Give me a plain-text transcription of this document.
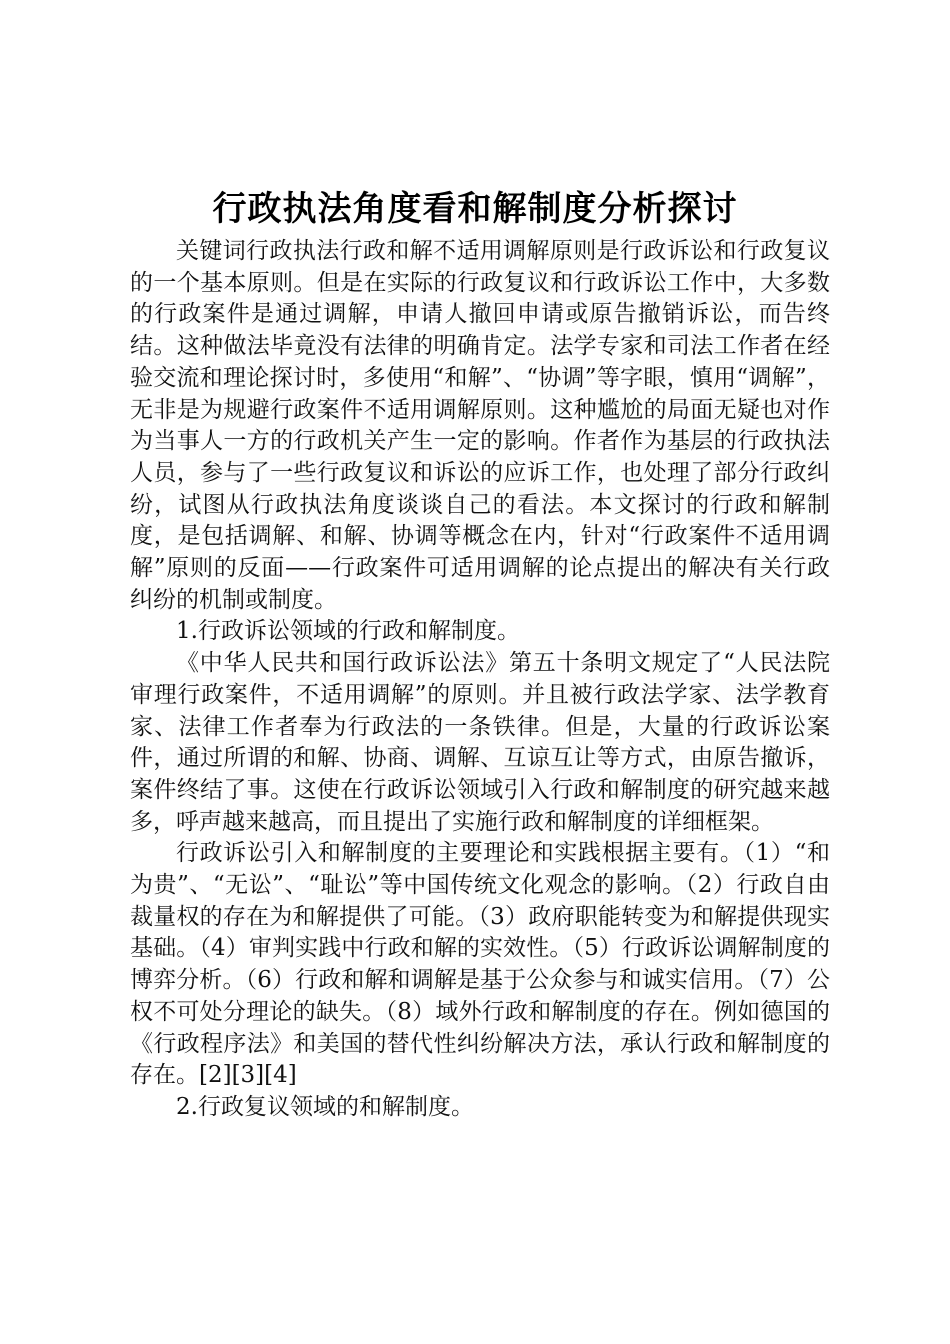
行政执法角度看和解制度分析探讨

关键词行政执法行政和解不适用调解原则是行政诉讼和行政复议的一个基本原则。但是在实际的行政复议和行政诉讼工作中，大多数的行政案件是通过调解，申请人撤回申请或原告撤销诉讼，而告终结。这种做法毕竟没有法律的明确肯定。法学专家和司法工作者在经验交流和理论探讨时，多使用“和解”、“协调”等字眼，慎用“调解”，无非是为规避行政案件不适用调解原则。这种尴尬的局面无疑也对作为当事人一方的行政机关产生一定的影响。作者作为基层的行政执法人员，参与了一些行政复议和诉讼的应诉工作，也处理了部分行政纠纷，试图从行政执法角度谈谈自己的看法。本文探讨的行政和解制度，是包括调解、和解、协调等概念在内，针对“行政案件不适用调解”原则的反面——行政案件可适用调解的论点提出的解决有关行政纠纷的机制或制度。

1.行政诉讼领域的行政和解制度。

《中华人民共和国行政诉讼法》第五十条明文规定了“人民法院审理行政案件，不适用调解”的原则。并且被行政法学家、法学教育家、法律工作者奉为行政法的一条铁律。但是，大量的行政诉讼案件，通过所谓的和解、协商、调解、互谅互让等方式，由原告撤诉，案件终结了事。这使在行政诉讼领域引入行政和解制度的研究越来越多，呼声越来越高，而且提出了实施行政和解制度的详细框架。

行政诉讼引入和解制度的主要理论和实践根据主要有。（1）“和为贵”、“无讼”、“耻讼”等中国传统文化观念的影响。（2）行政自由裁量权的存在为和解提供了可能。（3）政府职能转变为和解提供现实基础。（4）审判实践中行政和解的实效性。（5）行政诉讼调解制度的博弈分析。（6）行政和解和调解是基于公众参与和诚实信用。（7）公权不可处分理论的缺失。（8）域外行政和解制度的存在。例如德国的《行政程序法》和美国的替代性纠纷解决方法，承认行政和解制度的存在。[2][3][4]

2.行政复议领域的和解制度。
